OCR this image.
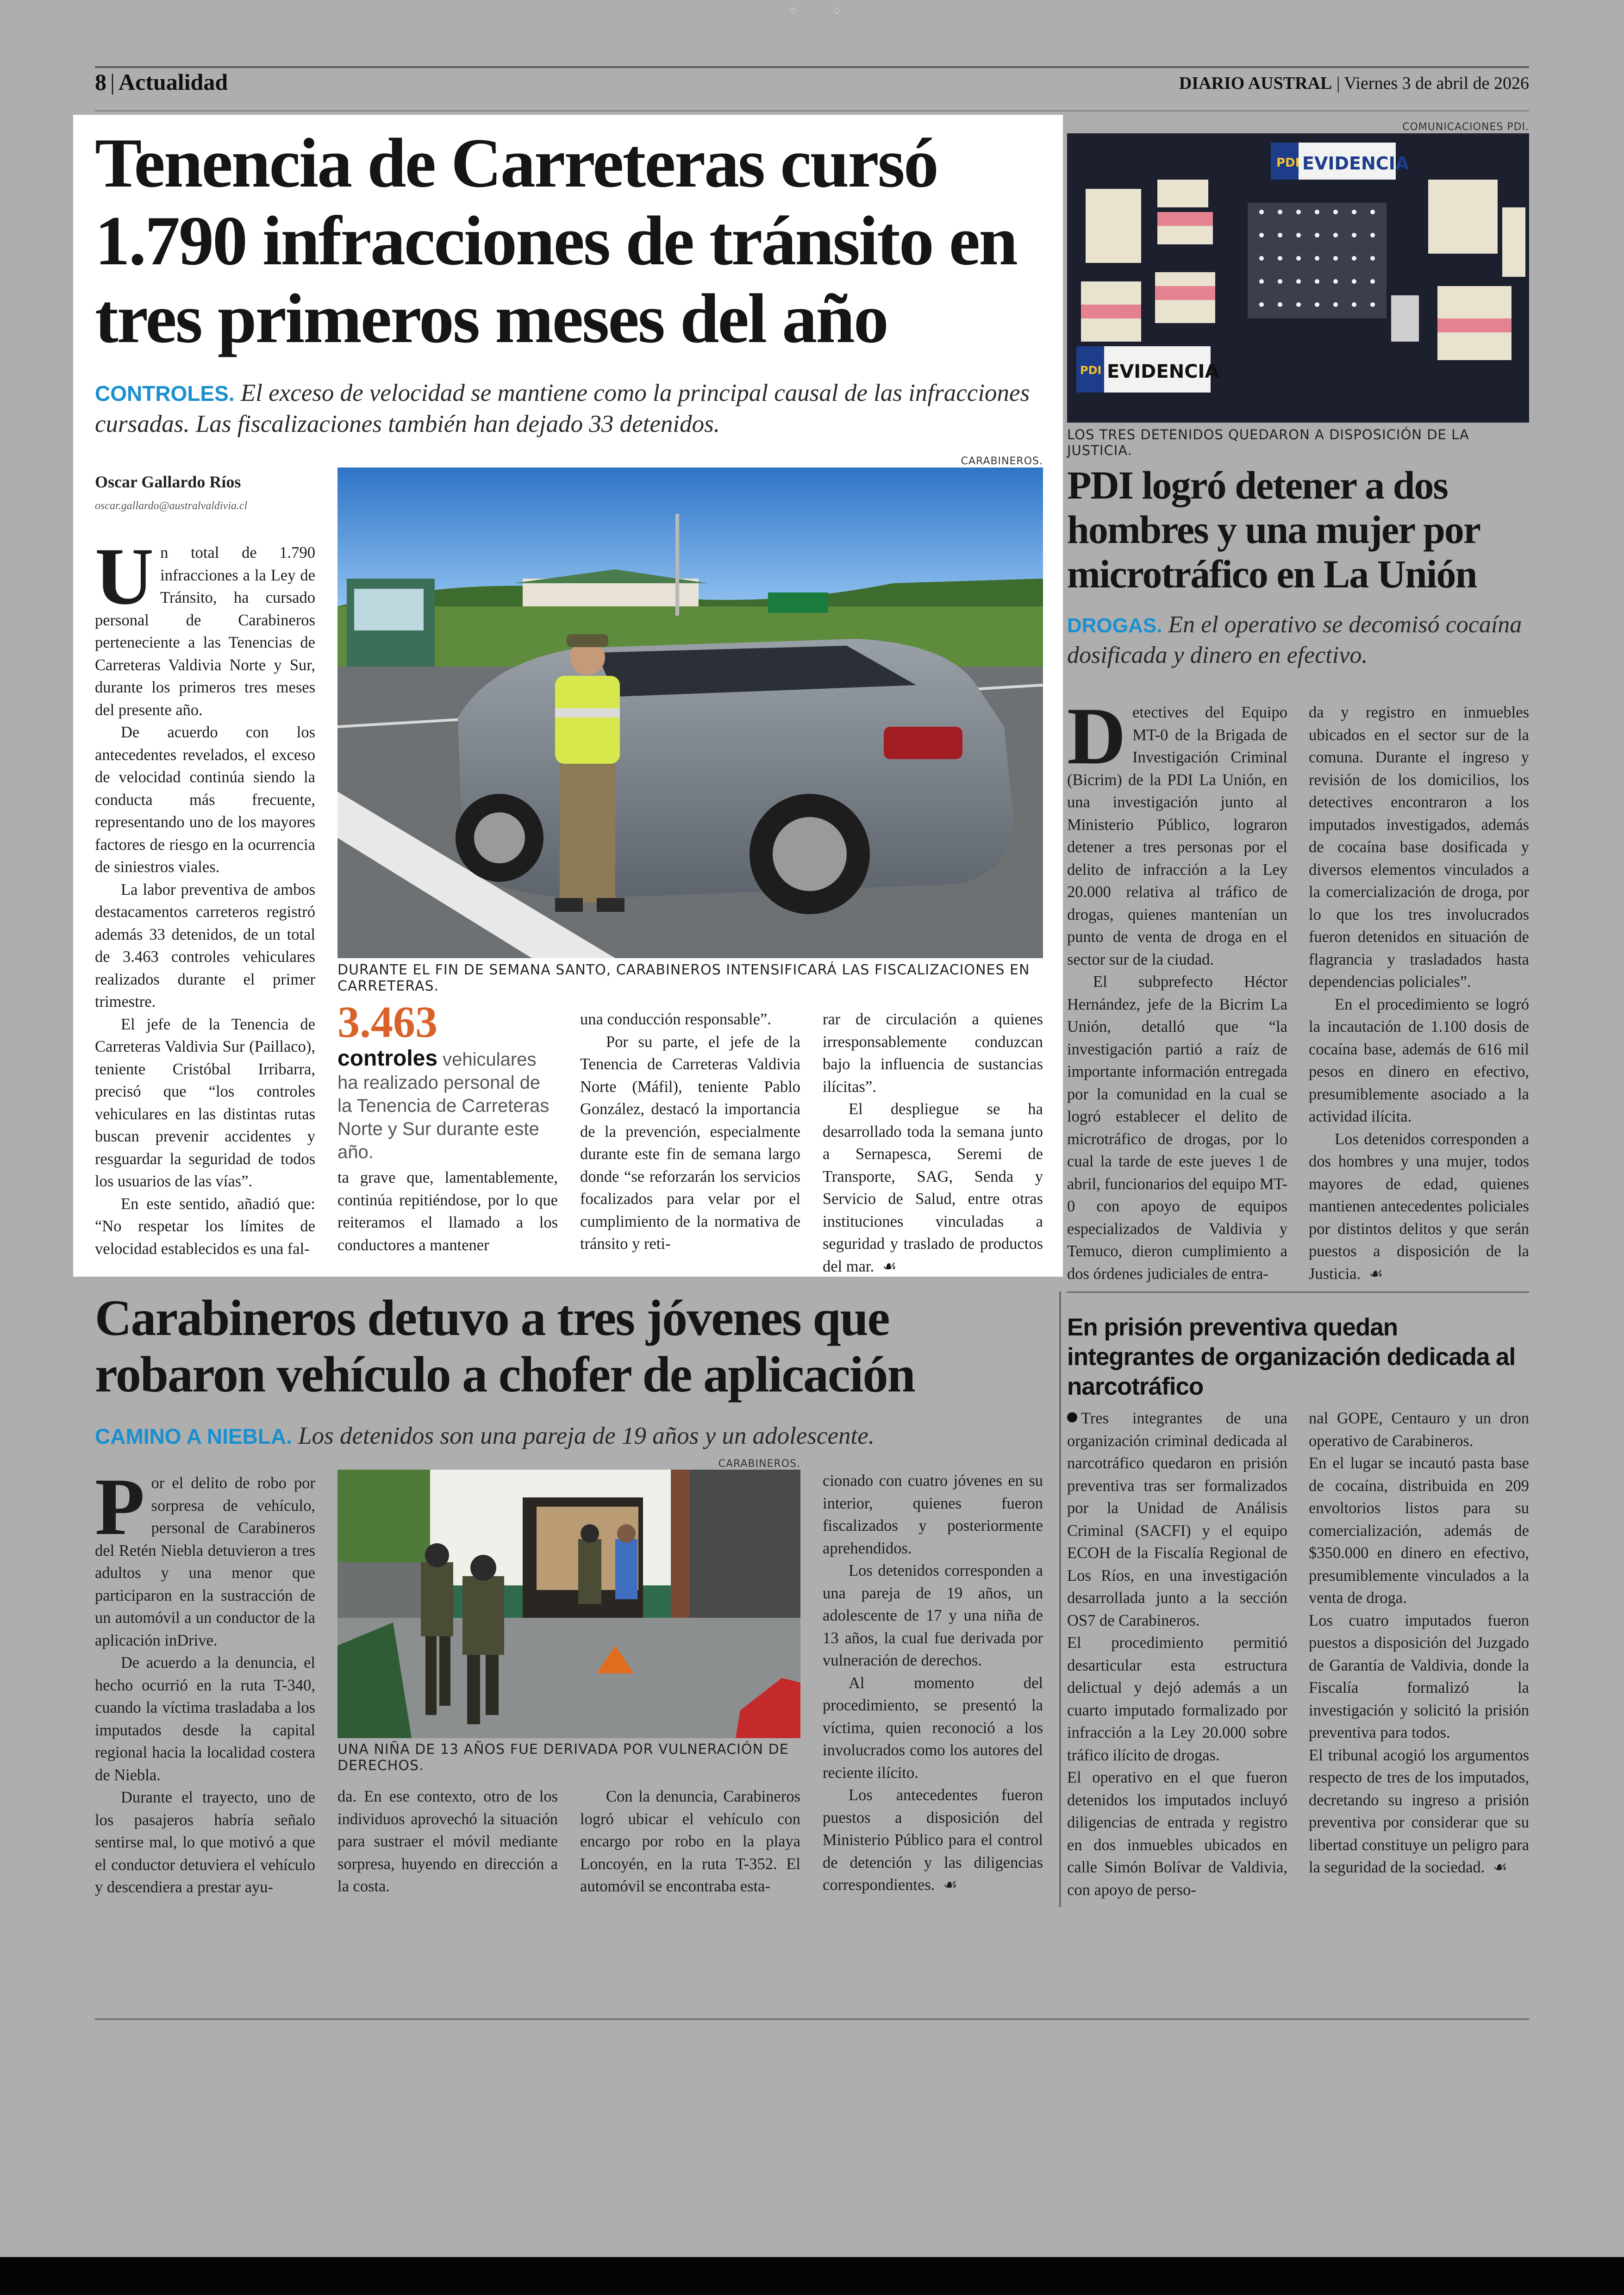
◦ ◦
8 | Actualidad	DIARIO AUSTRAL | Viernes 3 de abril de 2026
Tenencia de Carreteras cursó 1.790 infracciones de tránsito en tres primeros meses del año
CONTROLES. El exceso de velocidad se mantiene como la principal causal de las infracciones cursadas. Las fiscalizaciones también han dejado 33 detenidos.
Oscar Gallardo Ríos
oscar.gallardo@australvaldivia.cl

Un total de 1.790 infracciones a la Ley de Tránsito, ha cursado personal de Carabineros perteneciente a las Tenencias de Carreteras Valdivia Norte y Sur, durante los primeros tres meses del presente año.

De acuerdo con los antecedentes revelados, el exceso de velocidad continúa siendo la conducta más frecuente, representando uno de los mayores factores de riesgo en la ocurrencia de siniestros viales.

La labor preventiva de ambos destacamentos carreteros registró además 33 detenidos, de un total de 3.463 controles vehiculares realizados durante el primer trimestre.

El jefe de la Tenencia de Carreteras Valdivia Sur (Paillaco), teniente Cristóbal Irribarra, precisó que “los controles vehiculares en las distintas rutas buscan prevenir accidentes y resguardar la seguridad de todos los usuarios de las vías”.

En este sentido, añadió que: “No respetar los límites de velocidad establecidos es una fal-

CARABINEROS.
DURANTE EL FIN DE SEMANA SANTO, CARABINEROS INTENSIFICARÁ LAS FISCALIZACIONES EN CARRETERAS.
3.463
controles vehiculares ha realizado personal de la Tenencia de Carreteras Norte y Sur durante este año.

ta grave que, lamentablemente, continúa repitiéndose, por lo que reiteramos el llamado a los conductores a mantener

una conducción responsable”.

Por su parte, el jefe de la Tenencia de Carreteras Valdivia Norte (Máfil), teniente Pablo González, destacó la importancia de la prevención, especialmente durante este fin de semana largo donde “se reforzarán los servicios focalizados para velar por el cumplimiento de la normativa de tránsito y reti-

rar de circulación a quienes irresponsablemente conduzcan bajo la influencia de sustancias ilícitas”.

El despliegue se ha desarrollado toda la semana junto a Sernapesca, Seremi de Transporte, SAG, Senda y Servicio de Salud, entre otras instituciones vinculadas a seguridad y traslado de productos del mar. ☙

COMUNICACIONES PDI.
PDI EVIDENCIA
PDI EVIDENCIA
LOS TRES DETENIDOS QUEDARON A DISPOSICIÓN DE LA JUSTICIA.
PDI logró detener a dos hombres y una mujer por microtráfico en La Unión
DROGAS. En el operativo se decomisó cocaína dosificada y dinero en efectivo.

Detectives del Equipo MT-0 de la Brigada de Investigación Criminal (Bicrim) de la PDI La Unión, en una investigación junto al Ministerio Público, lograron detener a tres personas por el delito de infracción a la Ley 20.000 relativa al tráfico de drogas, quienes mantenían un punto de venta de droga en el sector sur de la ciudad.

El subprefecto Héctor Hernández, jefe de la Bicrim La Unión, detalló que “la investigación partió a raíz de importante información entregada por la comunidad en la cual se logró establecer el delito de microtráfico de drogas, por lo cual la tarde de este jueves 1 de abril, funcionarios del equipo MT-0 con apoyo de equipos especializados de Valdivia y Temuco, dieron cumplimiento a dos órdenes judiciales de entra-

da y registro en inmuebles ubicados en el sector sur de la comuna. Durante el ingreso y revisión de los domicilios, los detectives encontraron a los imputados investigados, además de cocaína base dosificada y diversos elementos vinculados a la comercialización de droga, por lo que los tres involucrados fueron detenidos en situación de flagrancia y trasladados hasta dependencias policiales”.

En el procedimiento se logró la incautación de 1.100 dosis de cocaína base, además de 616 mil pesos en dinero en efectivo, presumiblemente asociado a la actividad ilícita.

Los detenidos corresponden a dos hombres y una mujer, todos mayores de edad, quienes mantienen antecedentes policiales por distintos delitos y que serán puestos a disposición de la Justicia. ☙

Carabineros detuvo a tres jóvenes que robaron vehículo a chofer de aplicación
CAMINO A NIEBLA. Los detenidos son una pareja de 19 años y un adolescente.

Por el delito de robo por sorpresa de vehículo, personal de Carabineros del Retén Niebla detuvieron a tres adultos y una menor que participaron en la sustracción de un automóvil a un conductor de la aplicación inDrive.

De acuerdo a la denuncia, el hecho ocurrió en la ruta T-340, cuando la víctima trasladaba a los imputados desde la capital regional hacia la localidad costera de Niebla.

Durante el trayecto, uno de los pasajeros habría señalo sentirse mal, lo que motivó a que el conductor detuviera el vehículo y descendiera a prestar ayu-

CARABINEROS.
UNA NIÑA DE 13 AÑOS FUE DERIVADA POR VULNERACIÓN DE DERECHOS.

da. En ese contexto, otro de los individuos aprovechó la situación para sustraer el móvil mediante sorpresa, huyendo en dirección a la costa.

Con la denuncia, Carabineros logró ubicar el vehículo con encargo por robo en la playa Loncoyén, en la ruta T-352. El automóvil se encontraba esta-

cionado con cuatro jóvenes en su interior, quienes fueron fiscalizados y posteriormente aprehendidos.

Los detenidos corresponden a una pareja de 19 años, un adolescente de 17 y una niña de 13 años, la cual fue derivada por vulneración de derechos.

Al momento del procedimiento, se presentó la víctima, quien reconoció a los involucrados como los autores del reciente ilícito.

Los antecedentes fueron puestos a disposición del Ministerio Público para el control de detención y las diligencias correspondientes. ☙

En prisión preventiva quedan integrantes de organización dedicada al narcotráfico

Tres integrantes de una organización criminal dedicada al narcotráfico quedaron en prisión preventiva tras ser formalizados por la Unidad de Análisis Criminal (SACFI) y el equipo ECOH de la Fiscalía Regional de Los Ríos, en una investigación desarrollada junto a la sección OS7 de Carabineros.

El procedimiento permitió desarticular esta estructura delictual y dejó además a un cuarto imputado formalizado por infracción a la Ley 20.000 sobre tráfico ilícito de drogas.

El operativo en el que fueron detenidos los imputados incluyó diligencias de entrada y registro en dos inmuebles ubicados en calle Simón Bolívar de Valdivia, con apoyo de perso-

nal GOPE, Centauro y un dron operativo de Carabineros.

En el lugar se incautó pasta base de cocaína, distribuida en 209 envoltorios listos para su comercialización, además de $350.000 en dinero en efectivo, presumiblemente vinculados a la venta de droga.

Los cuatro imputados fueron puestos a disposición del Juzgado de Garantía de Valdivia, donde la Fiscalía formalizó la investigación y solicitó la prisión preventiva para todos.

El tribunal acogió los argumentos respecto de tres de los imputados, decretando su ingreso a prisión preventiva por considerar que su libertad constituye un peligro para la seguridad de la sociedad. ☙
